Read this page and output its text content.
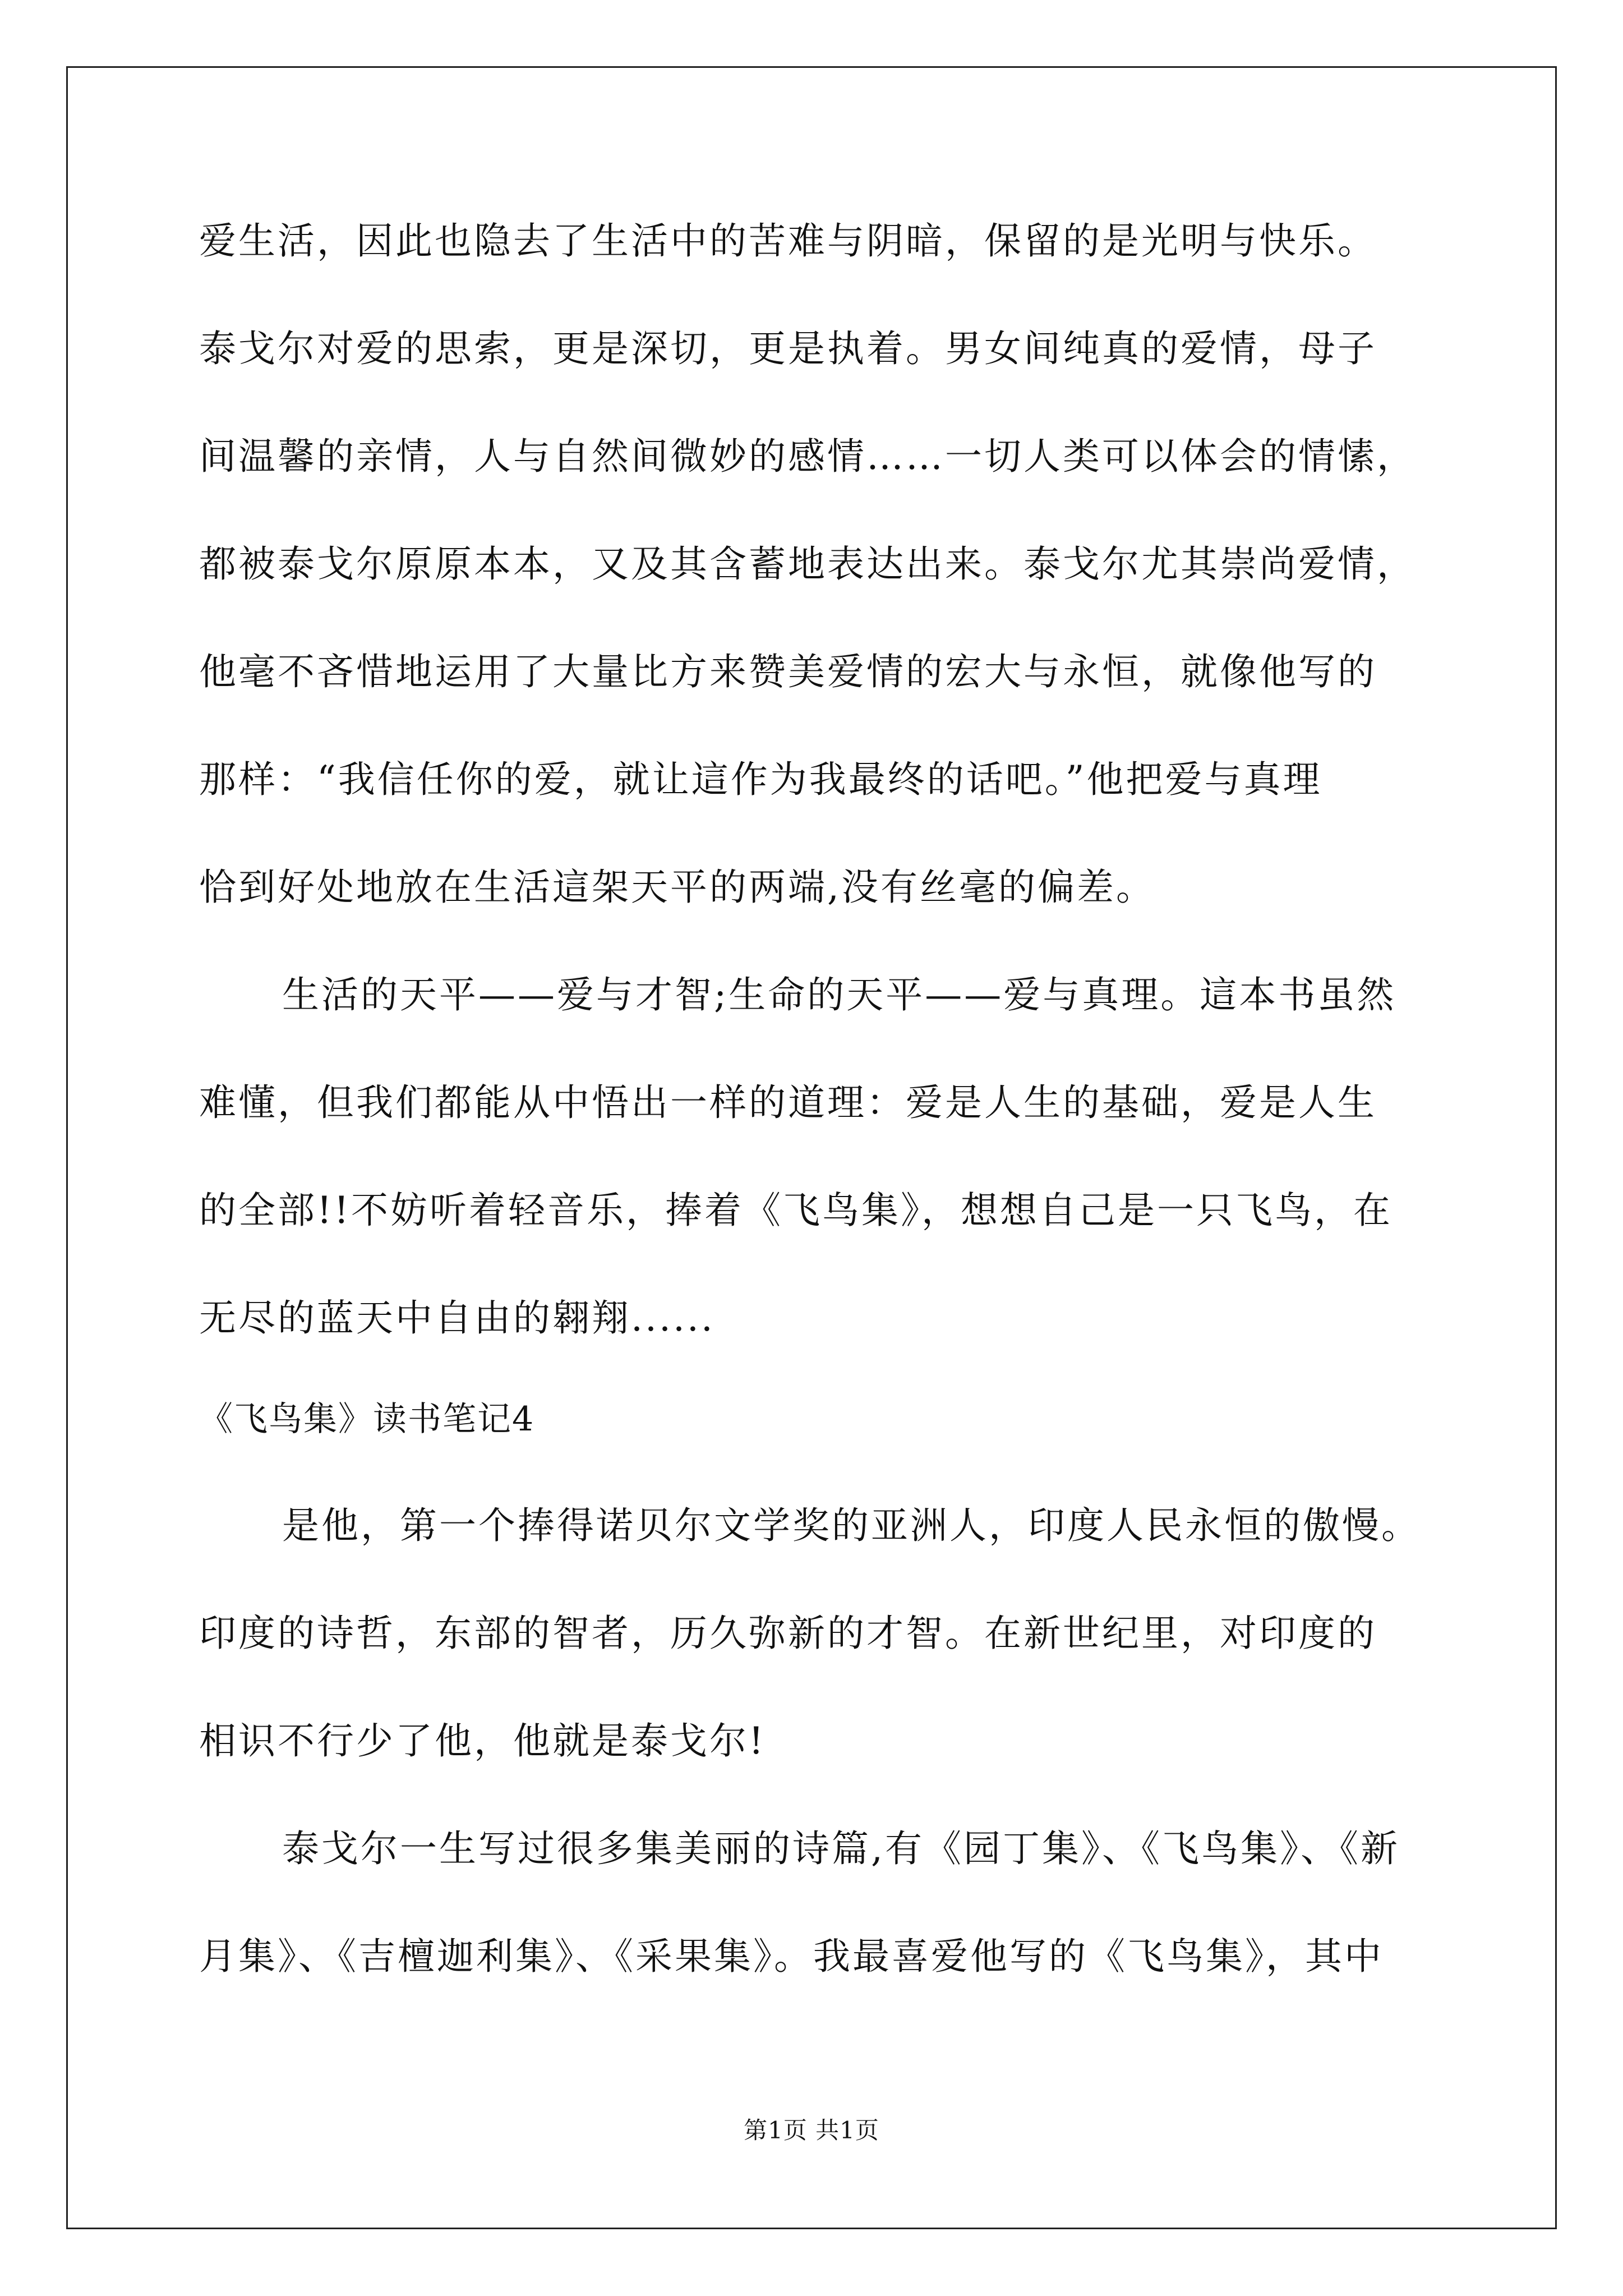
爱生活，因此也隐去了生活中的苦难与阴暗，保留的是光明与快乐。
泰戈尔对爱的思索，更是深切，更是执着。男女间纯真的爱情，母子
间温馨的亲情，人与自然间微妙的感情……一切人类可以体会的情愫，
都被泰戈尔原原本本，又及其含蓄地表达出来。泰戈尔尤其崇尚爱情，
他毫不吝惜地运用了大量比方来赞美爱情的宏大与永恒，就像他写的
那样：“我信任你的爱，就让這作为我最终的话吧。”他把爱与真理
恰到好处地放在生活這架天平的两端,没有丝毫的偏差。
生活的天平——爱与才智;生命的天平——爱与真理。這本书虽然
难懂，但我们都能从中悟出一样的道理：爱是人生的基础，爱是人生
的全部!!不妨听着轻音乐，捧着《飞鸟集》，想想自己是一只飞鸟，在
无尽的蓝天中自由的翱翔......
《飞鸟集》读书笔记4
是他，第一个捧得诺贝尔文学奖的亚洲人，印度人民永恒的傲慢。
印度的诗哲，东部的智者，历久弥新的才智。在新世纪里，对印度的
相识不行少了他，他就是泰戈尔!
泰戈尔一生写过很多集美丽的诗篇,有《园丁集》、《飞鸟集》、《新
月集》、《吉檀迦利集》、《采果集》。我最喜爱他写的《飞鸟集》，其中
第1页 共1页
